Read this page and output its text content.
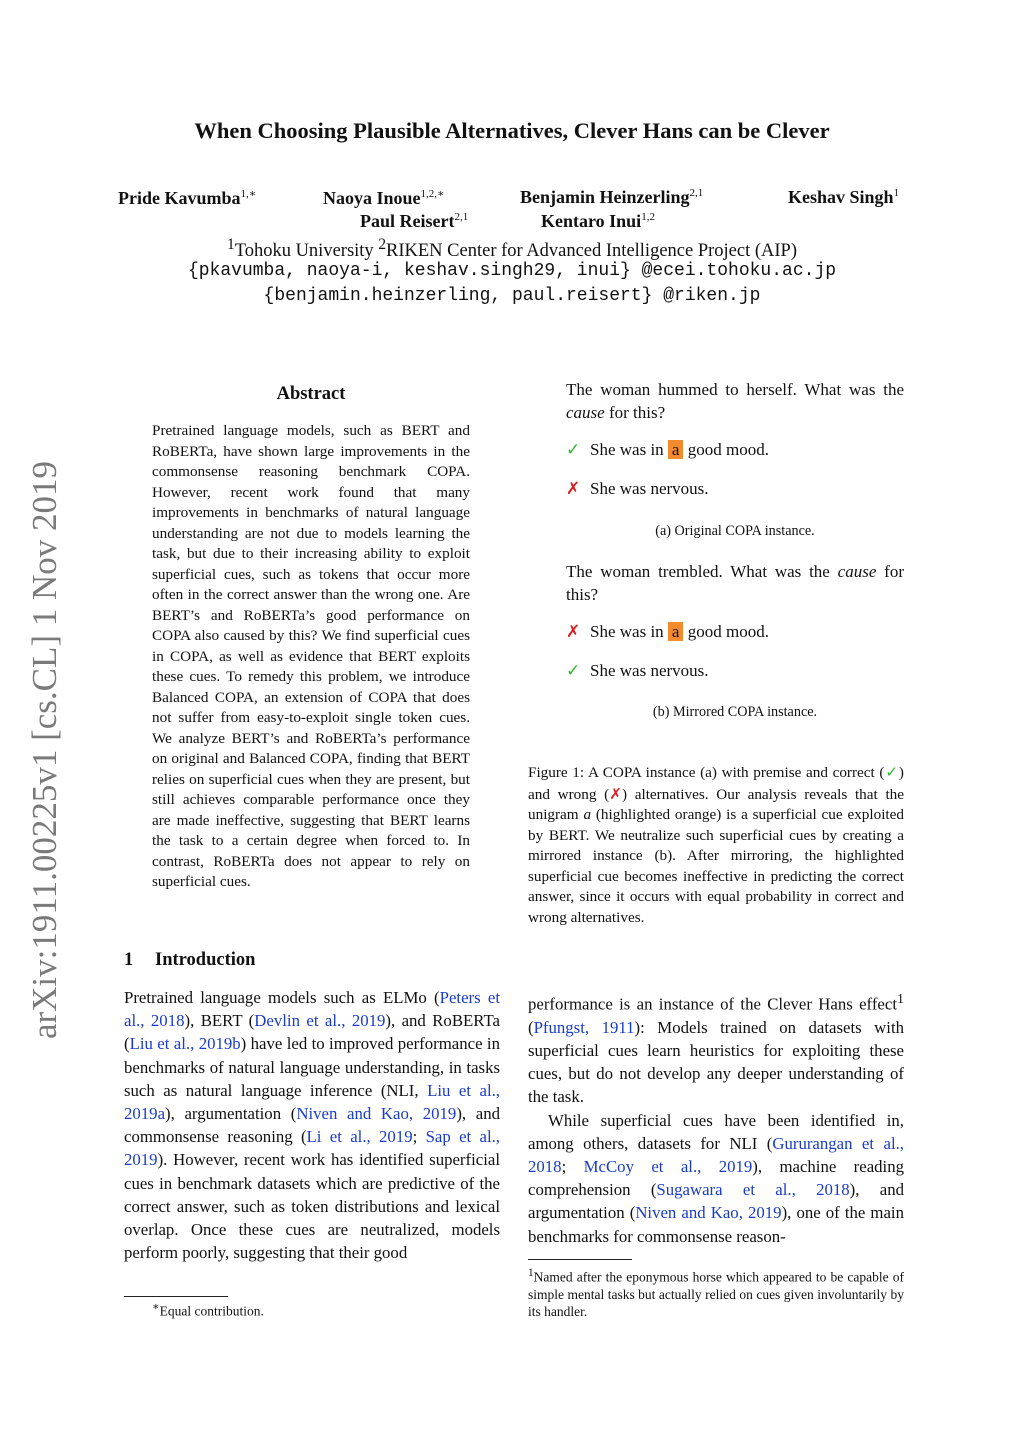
When Choosing Plausible Alternatives, Clever Hans can be Clever
Pride Kavumba$^{1,∗}$	Naoya Inoue$^{1,2,∗}$	Benjamin Heinzerling$^{2,1}$	Keshav Singh$^1$
Paul Reisert$^{2,1}$	Kentaro Inui$^{1,2}$
$^1$Tohoku University $^2$RIKEN Center for Advanced Intelligence Project (AIP)
{pkavumba, naoya-i, keshav.singh29, inui} @ecei.tohoku.ac.jp
{benjamin.heinzerling, paul.reisert} @riken.jp
arXiv:1911.00225v1 [cs.CL] 1 Nov 2019
Abstract
Pretrained language models, such as BERT and RoBERTa, have shown large improvements in the commonsense reasoning benchmark COPA. However, recent work found that many improvements in benchmarks of natural language understanding are not due to models learning the task, but due to their increasing ability to exploit superficial cues, such as tokens that occur more often in the correct answer than the wrong one. Are BERT’s and RoBERTa’s good performance on COPA also caused by this? We find superficial cues in COPA, as well as evidence that BERT exploits these cues. To remedy this problem, we introduce Balanced COPA, an extension of COPA that does not suffer from easy-to-exploit single token cues. We analyze BERT’s and RoBERTa’s performance on original and Balanced COPA, finding that BERT relies on superficial cues when they are present, but still achieves comparable performance once they are made ineffective, suggesting that BERT learns the task to a certain degree when forced to. In contrast, RoBERTa does not appear to rely on superficial cues.
1 Introduction
Pretrained language models such as ELMo (Peters et al., 2018), BERT (Devlin et al., 2019), and RoBERTa (Liu et al., 2019b) have led to improved performance in benchmarks of natural language understanding, in tasks such as natural language inference (NLI, Liu et al., 2019a), argumentation (Niven and Kao, 2019), and commonsense reasoning (Li et al., 2019; Sap et al., 2019). However, recent work has identified superficial cues in benchmark datasets which are predictive of the correct answer, such as token distributions and lexical overlap. Once these cues are neutralized, models perform poorly, suggesting that their good
∗Equal contribution.
The woman hummed to herself. What was the cause for this?
✓ She was in a good mood.
✗ She was nervous.
(a) Original COPA instance.
The woman trembled. What was the cause for this?
✗ She was in a good mood.
✓ She was nervous.
(b) Mirrored COPA instance.
Figure 1: A COPA instance (a) with premise and correct (✓) and wrong (✗) alternatives. Our analysis reveals that the unigram a (highlighted orange) is a superficial cue exploited by BERT. We neutralize such superficial cues by creating a mirrored instance (b). After mirroring, the highlighted superficial cue becomes ineffective in predicting the correct answer, since it occurs with equal probability in correct and wrong alternatives.

performance is an instance of the Clever Hans effect$^1$ (Pfungst, 1911): Models trained on datasets with superficial cues learn heuristics for exploiting these cues, but do not develop any deeper understanding of the task.

While superficial cues have been identified in, among others, datasets for NLI (Gururangan et al., 2018; McCoy et al., 2019), machine reading comprehension (Sugawara et al., 2018), and argumentation (Niven and Kao, 2019), one of the main benchmarks for commonsense reason-

$^1$Named after the eponymous horse which appeared to be capable of simple mental tasks but actually relied on cues given involuntarily by its handler.
